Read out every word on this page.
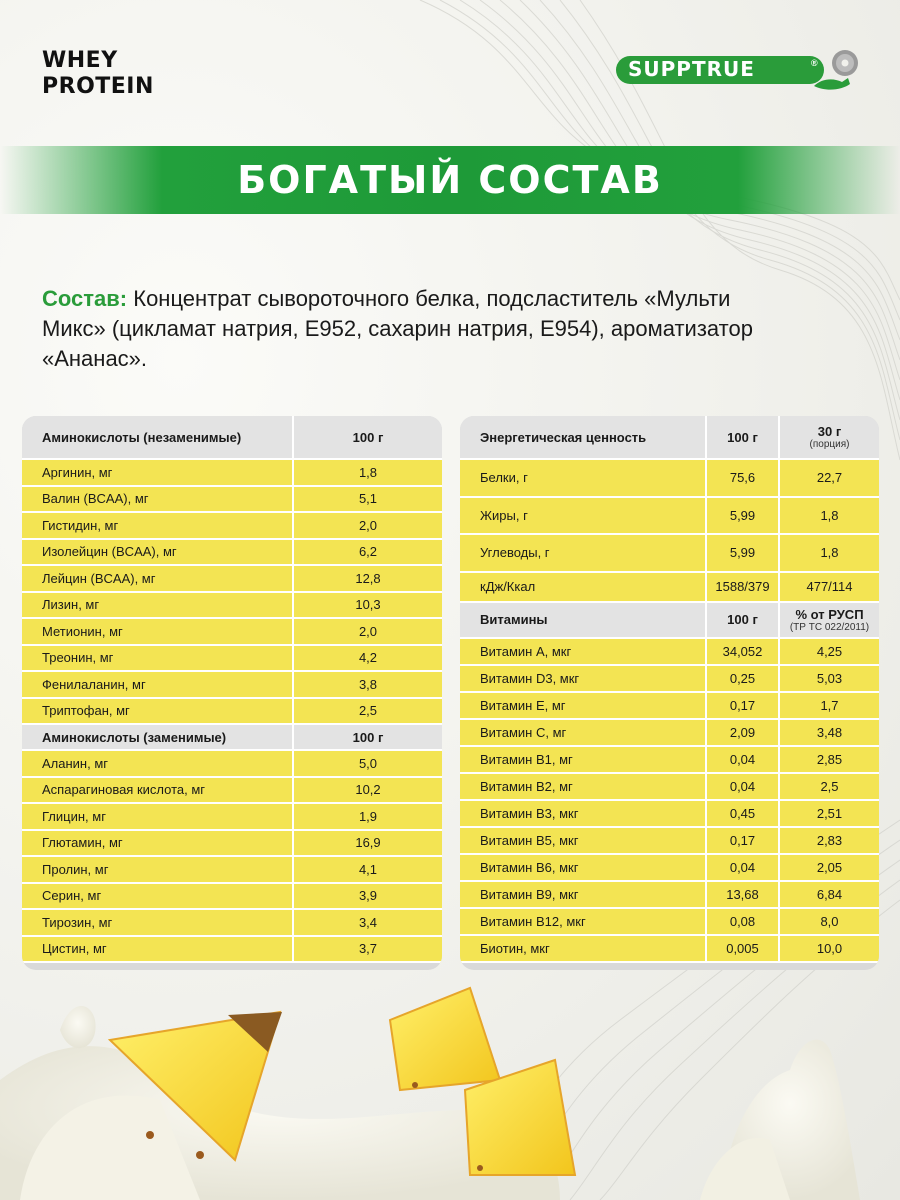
WHEY
PROTEIN
SUPPTRUE	®
БОГАТЫЙ СОСТАВ
Состав: Концентрат сывороточного белка, подсластитель «Мульти Микс» (цикламат натрия, Е952, сахарин натрия, Е954), ароматизатор «Ананас».
Аминокислоты (незаменимые)	100 г
Аргинин, мг	1,8
Валин (BCAA), мг	5,1
Гистидин, мг	2,0
Изолейцин (BCAA), мг	6,2
Лейцин (BCAA), мг	12,8
Лизин, мг	10,3
Метионин, мг	2,0
Треонин, мг	4,2
Фенилаланин, мг	3,8
Триптофан, мг	2,5
Аминокислоты (заменимые)	100 г
Аланин, мг	5,0
Аспарагиновая кислота, мг	10,2
Глицин, мг	1,9
Глютамин, мг	16,9
Пролин, мг	4,1
Серин, мг	3,9
Тирозин, мг	3,4
Цистин, мг	3,7
Энергетическая ценность	100 г	30 г
(порция)

Белки, г	75,6	22,7
Жиры, г	5,99	1,8
Углеводы, г	5,99	1,8
кДж/Ккал	1588/379	477/114
Витамины	100 г	% от РУСП
(ТР ТС 022/2011)

Витамин А, мкг	34,052	4,25
Витамин D3, мкг	0,25	5,03
Витамин Е, мг	0,17	1,7
Витамин С, мг	2,09	3,48
Витамин В1, мг	0,04	2,85
Витамин В2, мг	0,04	2,5
Витамин В3, мкг	0,45	2,51
Витамин В5, мкг	0,17	2,83
Витамин В6, мкг	0,04	2,05
Витамин В9, мкг	13,68	6,84
Витамин В12, мкг	0,08	8,0
Биотин, мкг	0,005	10,0
